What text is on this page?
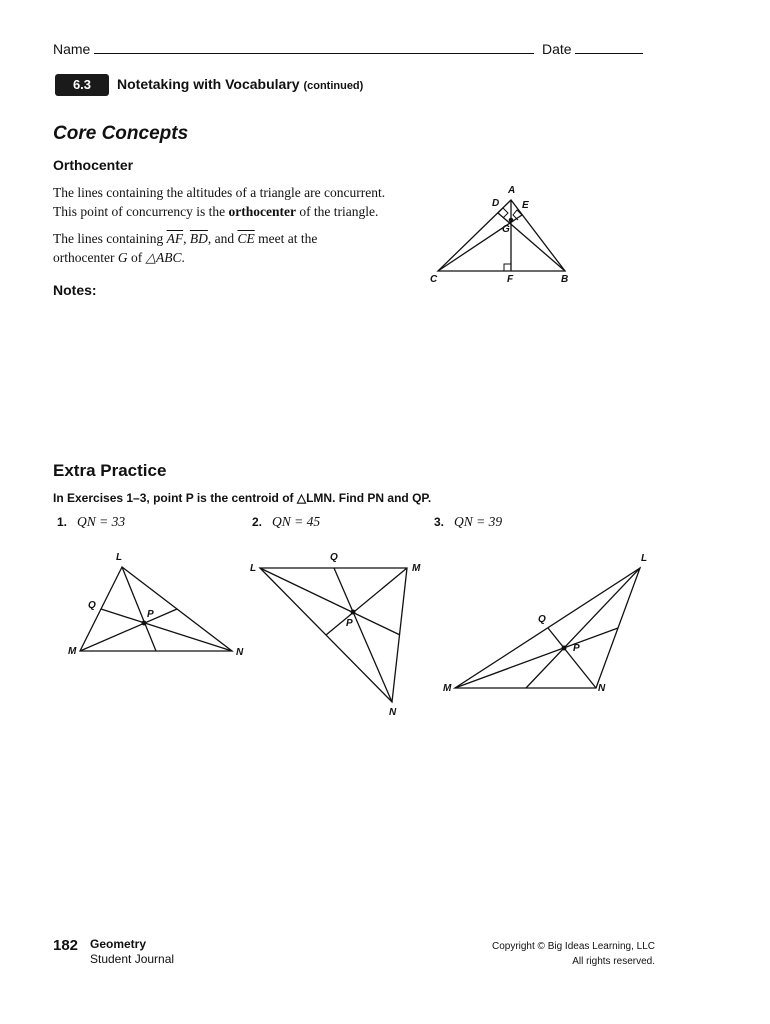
Name	Date
6.3	Notetaking with Vocabulary (continued)
Core Concepts
Orthocenter
The lines containing the altitudes of a triangle are concurrent.
This point of concurrency is the orthocenter of the triangle.
The lines containing $\overline{AF}$, $\overline{BD}$, and $\overline{CE}$ meet at the
orthocenter G of △ABC.
Notes:
A
D E
G
C	F	B
Extra Practice
In Exercises 1–3, point P is the centroid of △LMN. Find PN and QP.
1. QN = 33	2. QN = 45	3. QN = 39
L
Q
P
M	N
L
Q
M
P
N
L
Q
P
M	N
182 Geometry
Student Journal
Copyright © Big Ideas Learning, LLC
All rights reserved.
